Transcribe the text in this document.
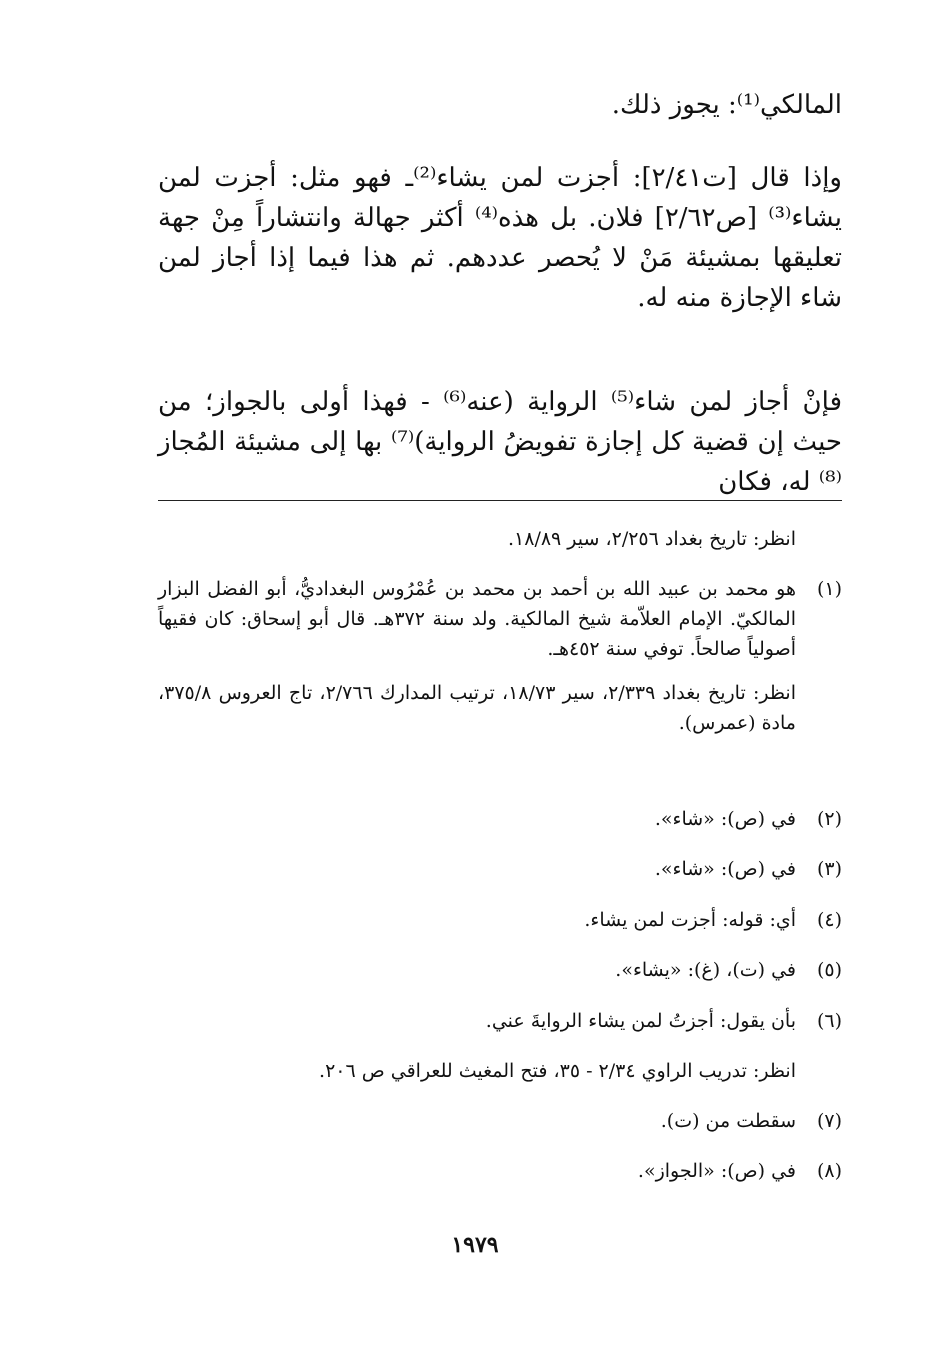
المالكي⁽¹⁾: يجوز ذلك.

وإذا قال [ت٢/٤١]: أجزت لمن يشاء⁽²⁾ـ فهو مثل: أجزت لمن يشاء⁽³⁾ [ص٢/٦٢] فلان. بل هذه⁽⁴⁾ أكثر جهالة وانتشاراً مِنْ جهة تعليقها بمشيئة مَنْ لا يُحصر عددهم. ثم هذا فيما إذا أجاز لمن شاء الإجازة منه له.

فإنْ أجاز لمن شاء⁽⁵⁾ الرواية (عنه⁽⁶⁾ - فهذا أولى بالجواز؛ من حيث إن قضية كل إجازة تفويضُ الرواية)⁽⁷⁾ بها إلى مشيئة المُجاز ⁽⁸⁾ له، فكان

انظر: تاريخ بغداد ٢/٢٥٦، سير ١٨/٨٩.

(١)
هو محمد بن عبيد الله بن أحمد بن محمد بن عُمْرُوس البغداديُّ، أبو الفضل البزار المالكيّ. الإمام العلاّمة شيخ المالكية. ولد سنة ٣٧٢هـ. قال أبو إسحاق: كان فقيهاً أصولياً صالحاً. توفي سنة ٤٥٢هـ.

انظر: تاريخ بغداد ٢/٣٣٩، سير ١٨/٧٣، ترتيب المدارك ٢/٧٦٦، تاج العروس ٣٧٥/٨، مادة (عمرس).

(٢)
في (ص): «شاء».
(٣)
في (ص): «شاء».
(٤)
أي: قوله: أجزت لمن يشاء.
(٥)
في (ت)، (غ): «يشاء».
(٦)
بأن يقول: أجزتُ لمن يشاء الروايةَ عني.

انظر: تدريب الراوي ٢/٣٤ - ٣٥، فتح المغيث للعراقي ص ٢٠٦.

(٧)
سقطت من (ت).
(٨)
في (ص): «الجواز».
١٩٧٩
